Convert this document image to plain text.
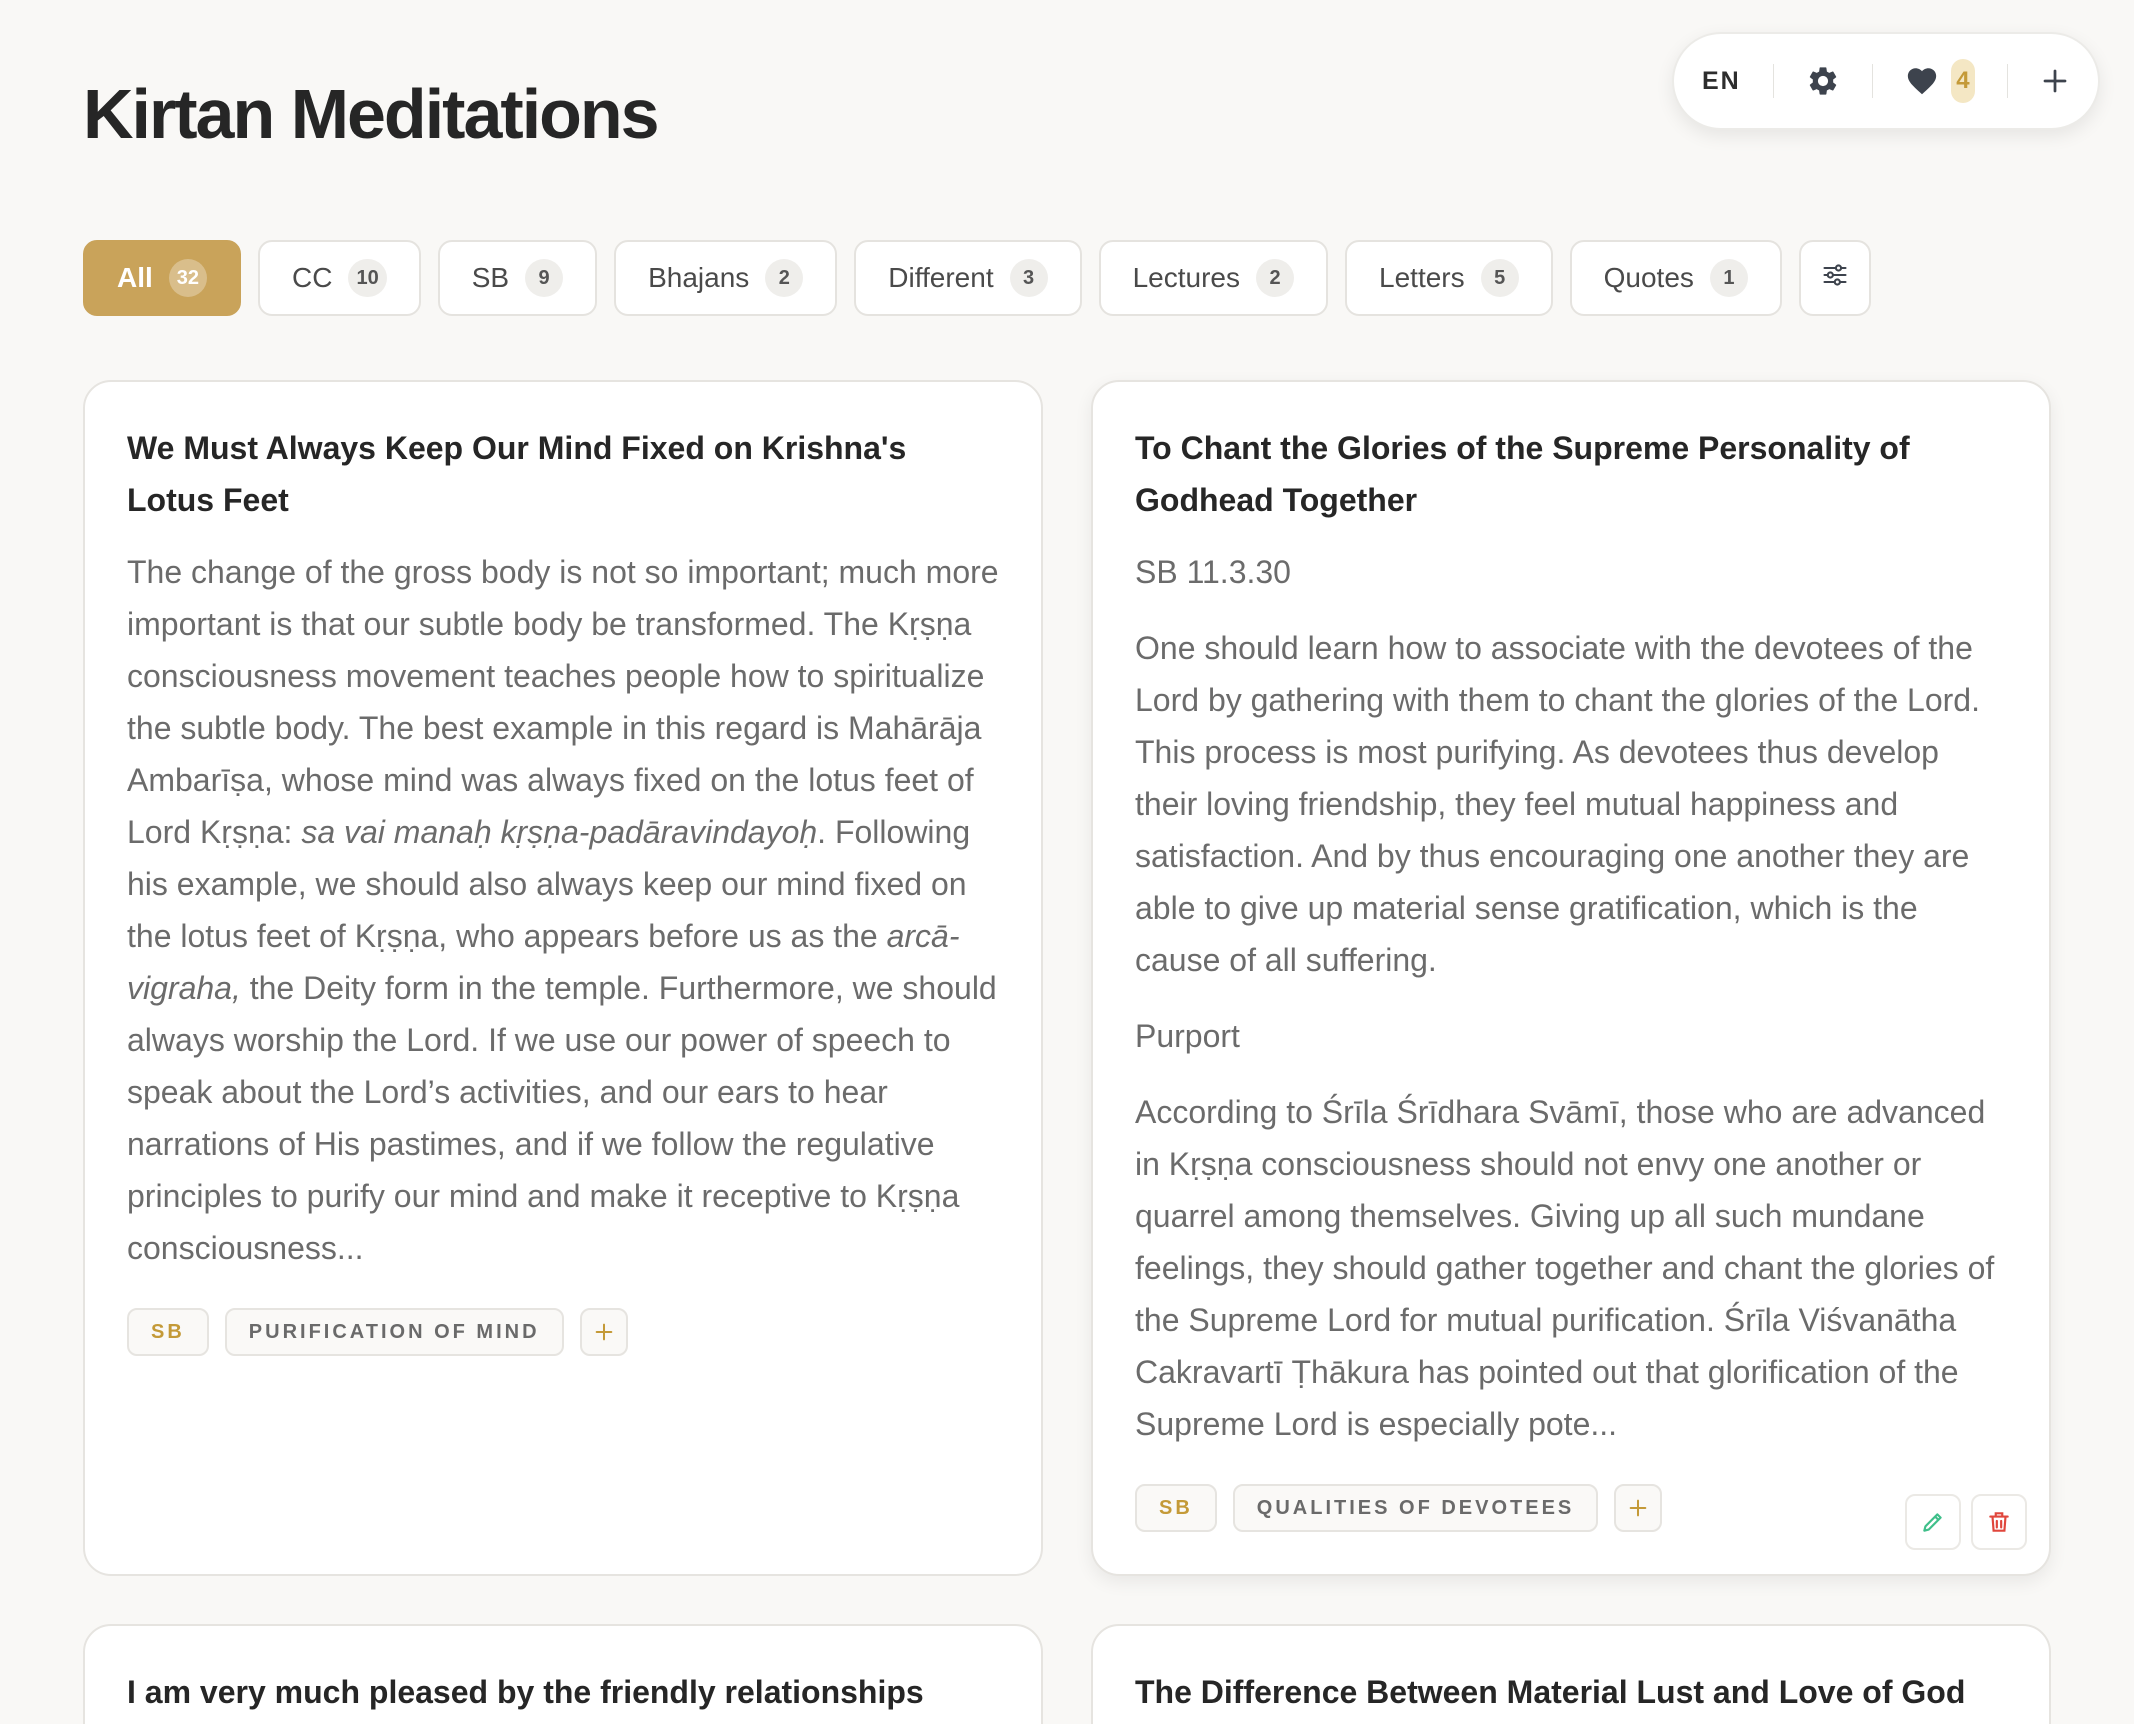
Kirtan Meditations	EN	4
All	32	CC	10	SB	9	Bhajans	2	Different	3	Lectures	2	Letters	5	Quotes	1
We Must Always Keep Our Mind Fixed on Krishna's Lotus Feet
The change of the gross body is not so important; much more important is that our subtle body be transformed. The Kṛṣṇa consciousness movement teaches people how to spiritualize the subtle body. The best example in this regard is Mahārāja Ambarīṣa, whose mind was always fixed on the lotus feet of Lord Kṛṣṇa: sa vai manaḥ kṛṣṇa-padāravindayoḥ. Following his example, we should also always keep our mind fixed on the lotus feet of Kṛṣṇa, who appears before us as the arcā-vigraha, the Deity form in the temple. Furthermore, we should always worship the Lord. If we use our power of speech to speak about the Lord’s activities, and our ears to hear narrations of His pastimes, and if we follow the regulative principles to purify our mind and make it receptive to Kṛṣṇa consciousness...
SB	PURIFICATION OF MIND
To Chant the Glories of the Supreme Personality of Godhead Together

SB 11.3.30

One should learn how to associate with the devotees of the Lord by gathering with them to chant the glories of the Lord. This process is most purifying. As devotees thus develop their loving friendship, they feel mutual happiness and satisfaction. And by thus encouraging one another they are able to give up material sense gratification, which is the cause of all suffering.

Purport

According to Śrīla Śrīdhara Svāmī, those who are advanced in Kṛṣṇa consciousness should not envy one another or quarrel among themselves. Giving up all such mundane feelings, they should gather together and chant the glories of the Supreme Lord for mutual purification. Śrīla Viśvanātha Cakravartī Ṭhākura has pointed out that glorification of the Supreme Lord is especially pote...

SB	QUALITIES OF DEVOTEES
I am very much pleased by the friendly relationships	The Difference Between Material Lust and Love of God
